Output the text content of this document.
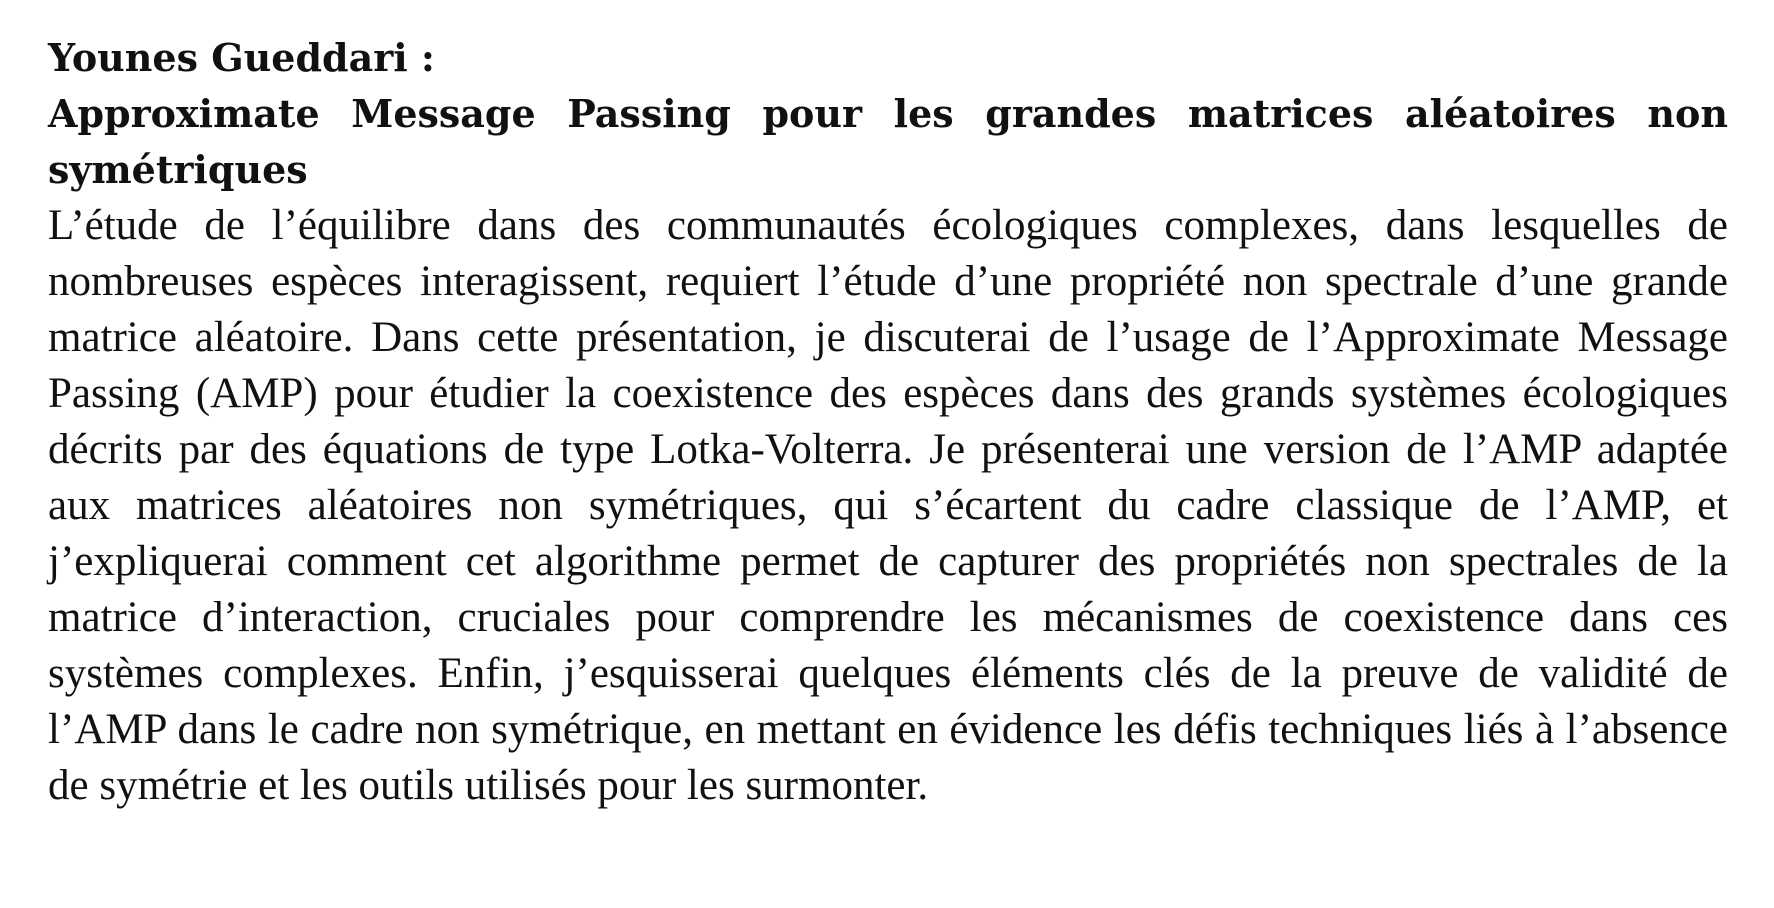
Younes Gueddari :

Approximate Message Passing pour les grandes matrices aléatoires non symétriques

L’étude de l’équilibre dans des communautés écologiques complexes, dans lesquelles de nombreuses espèces interagissent, requiert l’étude d’une propriété non spectrale d’une grande matrice aléatoire. Dans cette présentation, je discuterai de l’usage de l’Approximate Message Passing (AMP) pour étudier la coexistence des espèces dans des grands systèmes écologiques décrits par des équations de type Lotka-Volterra. Je présenterai une version de l’AMP adaptée aux matrices aléatoires non symétriques, qui s’écartent du cadre classique de l’AMP, et j’expliquerai comment cet algorithme permet de capturer des propriétés non spectrales de la matrice d’interaction, cruciales pour comprendre les mécanismes de coexistence dans ces systèmes complexes. Enfin, j’esquisserai quelques éléments clés de la preuve de validité de l’AMP dans le cadre non symétrique, en mettant en évidence les défis techniques liés à l’absence de symétrie et les outils utilisés pour les surmonter.
